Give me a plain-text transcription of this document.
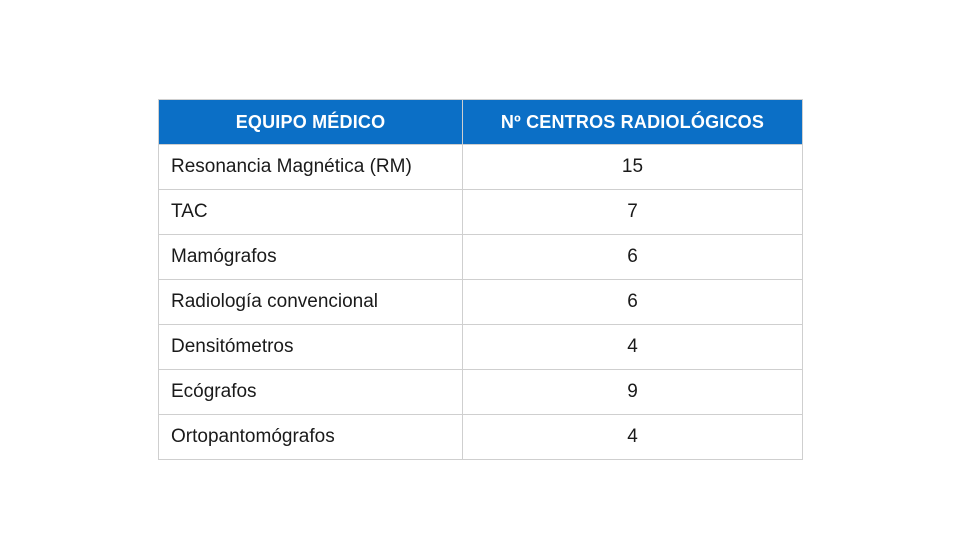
EQUIPO MÉDICO	Nº CENTROS RADIOLÓGICOS
Resonancia Magnética (RM)	15
TAC	7
Mamógrafos	6
Radiología convencional	6
Densitómetros	4
Ecógrafos	9
Ortopantomógrafos	4
